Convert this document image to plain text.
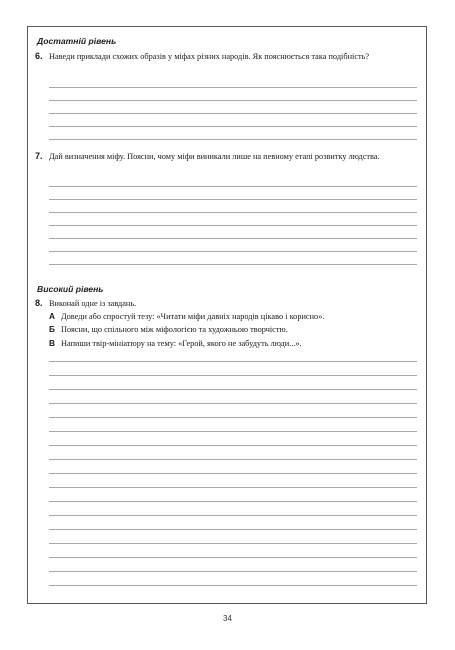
Достатній рівень
6. Наведи приклади схожих образів у міфах різних народів. Як пояснюється така подібність?
7. Дай визначення міфу. Поясни, чому міфи виникали лише на певному етапі розвитку людства.
Високий рівень
8. Виконай одне із завдань.
А Доведи або спростуй тезу: «Читати міфи давніх народів цікаво і корисно».
Б Поясни, що спільного між міфологією та художньою творчістю.
В Напиши твір-мініатюру на тему: «Герой, якого не забудуть люди...».
34
